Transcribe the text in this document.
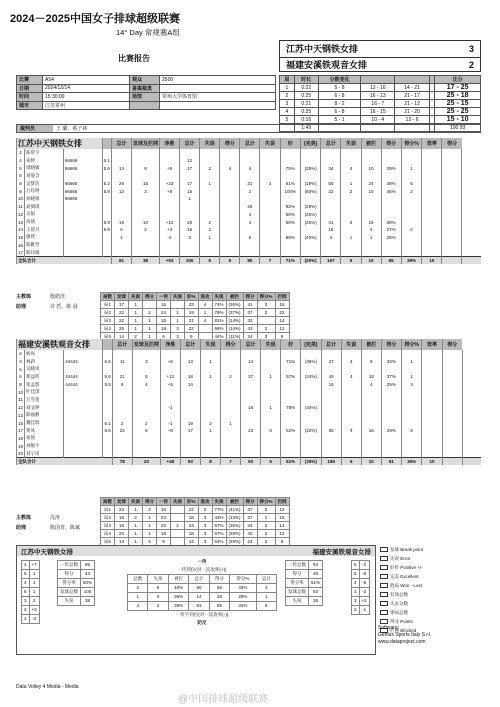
2024－2025中国女子排球超级联赛
14° Day 常规赛A组
比赛报告
江苏中天钢铁女排	3
福建安溪铁观音女排	2
比赛	A54	观众	2500
日期	2024/12/14	备案裁盘	
时间	15:30:00	场馆	常州大学体育馆
城市	江苏常州		
局	时长	分数变化				比分
1	0:22	5 - 8	13 - 16	14 - 21		17 - 25
2	0:25	6 - 8	16 - 13	21 - 17		25 - 18
3	0:21	8 - 2	16 - 7	21 - 12		25 - 15
4	0:25	6 - 8	16 - 15	21 - 20		25 - 25
5	0:16	5 - 1	10 - 4	12 - 6		15 - 10
	1:49					100 93
裁判员	王 璐、蔡子林
江苏中天钢铁女排				总计	发球及拦网	净胜	总计	失误	得分	总计	失误	好	(完美)	总计	失误	被拦	得分	得分%	效率	得分	
2	陈常宇																				
4	朱婷	66666	6.1				12														
5	周晓敏	66666	5.6	14	8	+8	17	2	4	4		75%	(25%)	34	4	10	29%	1			
6	刘晏含																				
8	吴梦洁	66666	6.2	29	15	+23	17	1		31	4	61%	(19%)	50	1	24	48%	5			
9	万钰婷	66666	5.8	12	3	+8	15			2		100%	(50%)	22	2	10	45%	2			
10	孙晓娟	66666					1														
11	聂旖琪									25		92%	(28%)								
12	吴韬									4		50%	(25%)								
13	高倩		5.9	19	10	+12	20	2		4		50%	(25%)	41	3	16	39%				
14	王晨月		5.8	6	2	+4	15	2						15		4	27%	2			
15	廖欣			1		-3	3	1		5		80%	(40%)	4	1	1	25%				
16	陈雅琴																				
17	陈玲瑜																				
全队合计				81	38	+53	100	6	6	85	7	71%	(25%)	167	5	10	65	39%	10		
主教练	殷皓泽
助理	许 哲、陈 晨
局数	发球	失误	得分	一传	失误	好%	进攻	失误	被拦	得分	得分%	拦网
局1	17	1		16		23	4	74%	(26%)	41	3	16
局2	22	1	2	24	1	19	1	79%	(37%)	37	2	22
局3	22	1	1	15	1	21	4	81%	(14%)	32		14
局4	25	1	1	18	3	22		68%	(14%)	43	2	12
局5	14	2	1	9	3	9		44%	(11%)	24	3	8
福建安溪铁观音女排				总计	发球及拦网	净胜	总计	失误	得分	总计	失误	好	(完美)	总计	失误	被拦	得分	得分%	效率	得分	
2	杨岚																				
3	林莉	44444	5.6	11	3	+6	13	1		14		71%	(36%)	27	4	9	33%	1			
5	吴晓凤																				
6	郑益昕	44444	5.6	21	8	+12	18	1	2	37	1	57%	(24%)	49	4	18	37%	1			
8	张孟影	44444	5.5	8	4	+5	14							16		4	25%	4			
10	叶佳琪																				
11	万雪莲																				
12	刘文婷					-1				18	1	78%	(44%)								
13	陈丽静																				
15	魏佳瑞		6.1	2	2	-1	19	2	1												
17	黄凤		5.6	22	6	+8	17	1		23	3	52%	(22%)	55	4	16	29%	5			
18	张悦																				
19	刘航宇																				
20	刘子彤																				
全队合计				78	33	+48	93	8	7	93	5	61%	(29%)	169	6	10	61	36%	10		
主教练	沈涛
助理	陈国青、陈斌
局数	发球	失误	得分	一传	失误	好%	进攻	失误	被拦	得分	得分%	拦网
局1	24	1	4	16		22	2	77%	(41%)	37	2	12
局2	18	2	1	23		18	3	43%	(13%)	37	1	15
局3	18	1	1	22	2	23	3	57%	(35%)	34	2	14
局4	20	1	1	18		18	3	67%	(28%)	43	2	12
局5	13	1	3	9		14	3	64%	(29%)	24	2	8
江苏中天钢铁女排	福建安溪铁观音女排
1	+7
5	1
4	1
6	1
3	2
2	+0
1	-3
一传总数	85
得分	43
得分率	50%
发球总数	100
失误	38
一传
一传到位(对一次攻率(+))
总数	失误	被拦	总计	得分	得分%	总计
2	6	40%	60	56	43%	3
1	0	36%	14	28	29%	1
4	2	39%	93	85	34%	6
一传不到位(对一次攻率(-))
防反
一传总数	94
得分	48
得分率	51%
发球总数	93
失误	38
6	-2
5	-6
4	-5
1	-2
3	+2
2	-1
发球 Break point
失误 Error
好传 Positive +/-
完美 Excellent
胜局 Won - Lost
有效总数
失去分数
零局总数
得分 Points
拦网 Blocked
Software:
Genius Sports Italy S.r.l.
www.dataproject.com
Data Volley 4 Media - Media
@中国排球超级联赛
